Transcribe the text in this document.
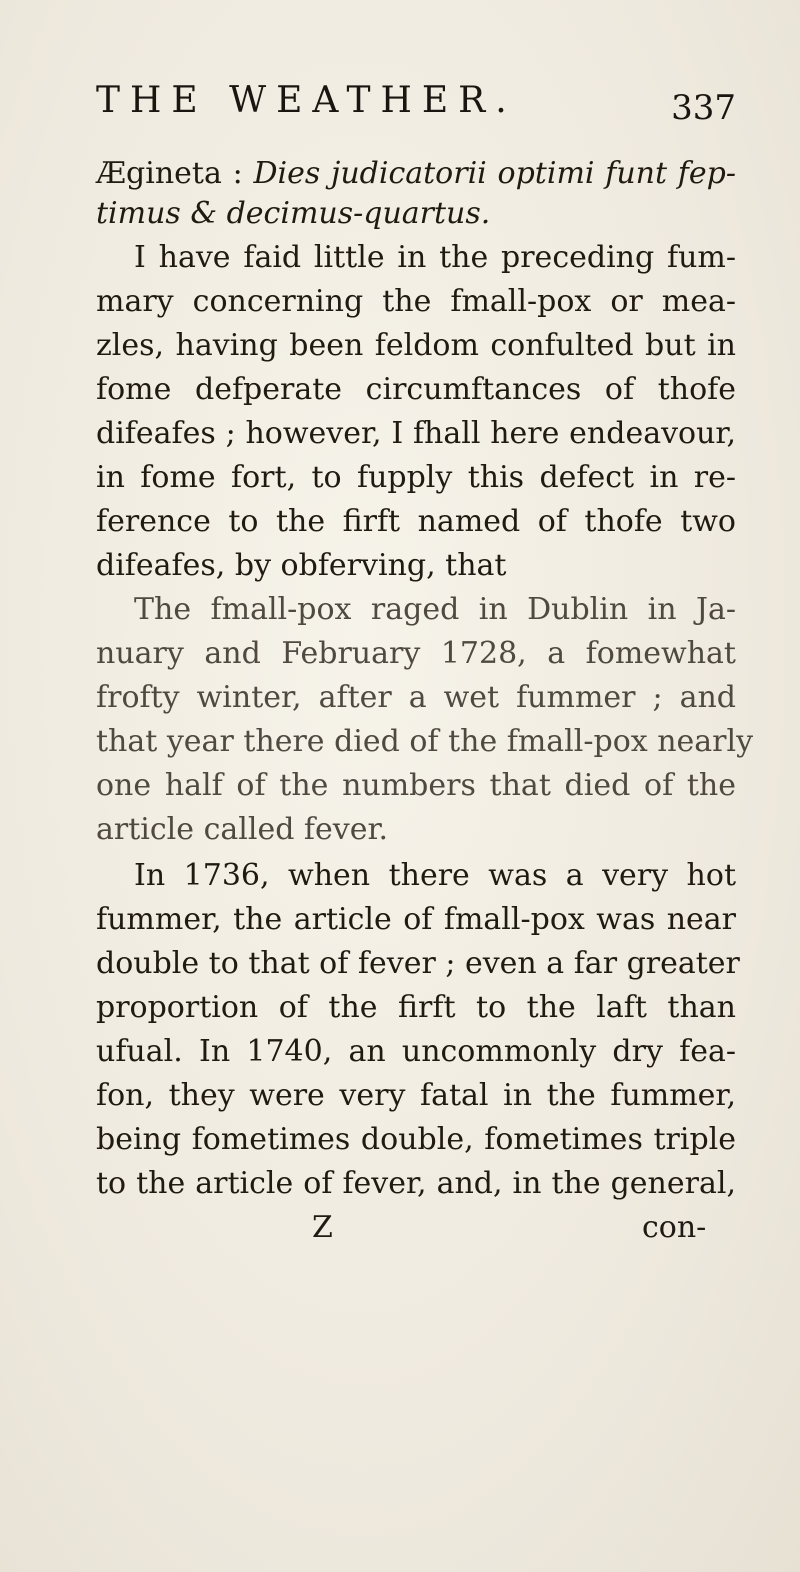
THE WEATHER.	337
Ægineta : Dies judicatorii optimi funt fep-
timus & decimus-quartus.
I have faid little in the preceding fum-
mary concerning the fmall-pox or mea-
zles, having been feldom confulted but in
fome defperate circumftances of thofe
difeafes ; however, I fhall here endeavour,
in fome fort, to fupply this defect in re-
ference to the firft named of thofe two
difeafes, by obferving, that
The fmall-pox raged in Dublin in Ja-
nuary and February 1728, a fomewhat
frofty winter, after a wet fummer ; and
that year there died of the fmall-pox nearly
one half of the numbers that died of the
article called fever.
In 1736, when there was a very hot
fummer, the article of fmall-pox was near
double to that of fever ; even a far greater
proportion of the firft to the laft than
ufual. In 1740, an uncommonly dry fea-
fon, they were very fatal in the fummer,
being fometimes double, fometimes triple
to the article of fever, and, in the general,
Z	con-
